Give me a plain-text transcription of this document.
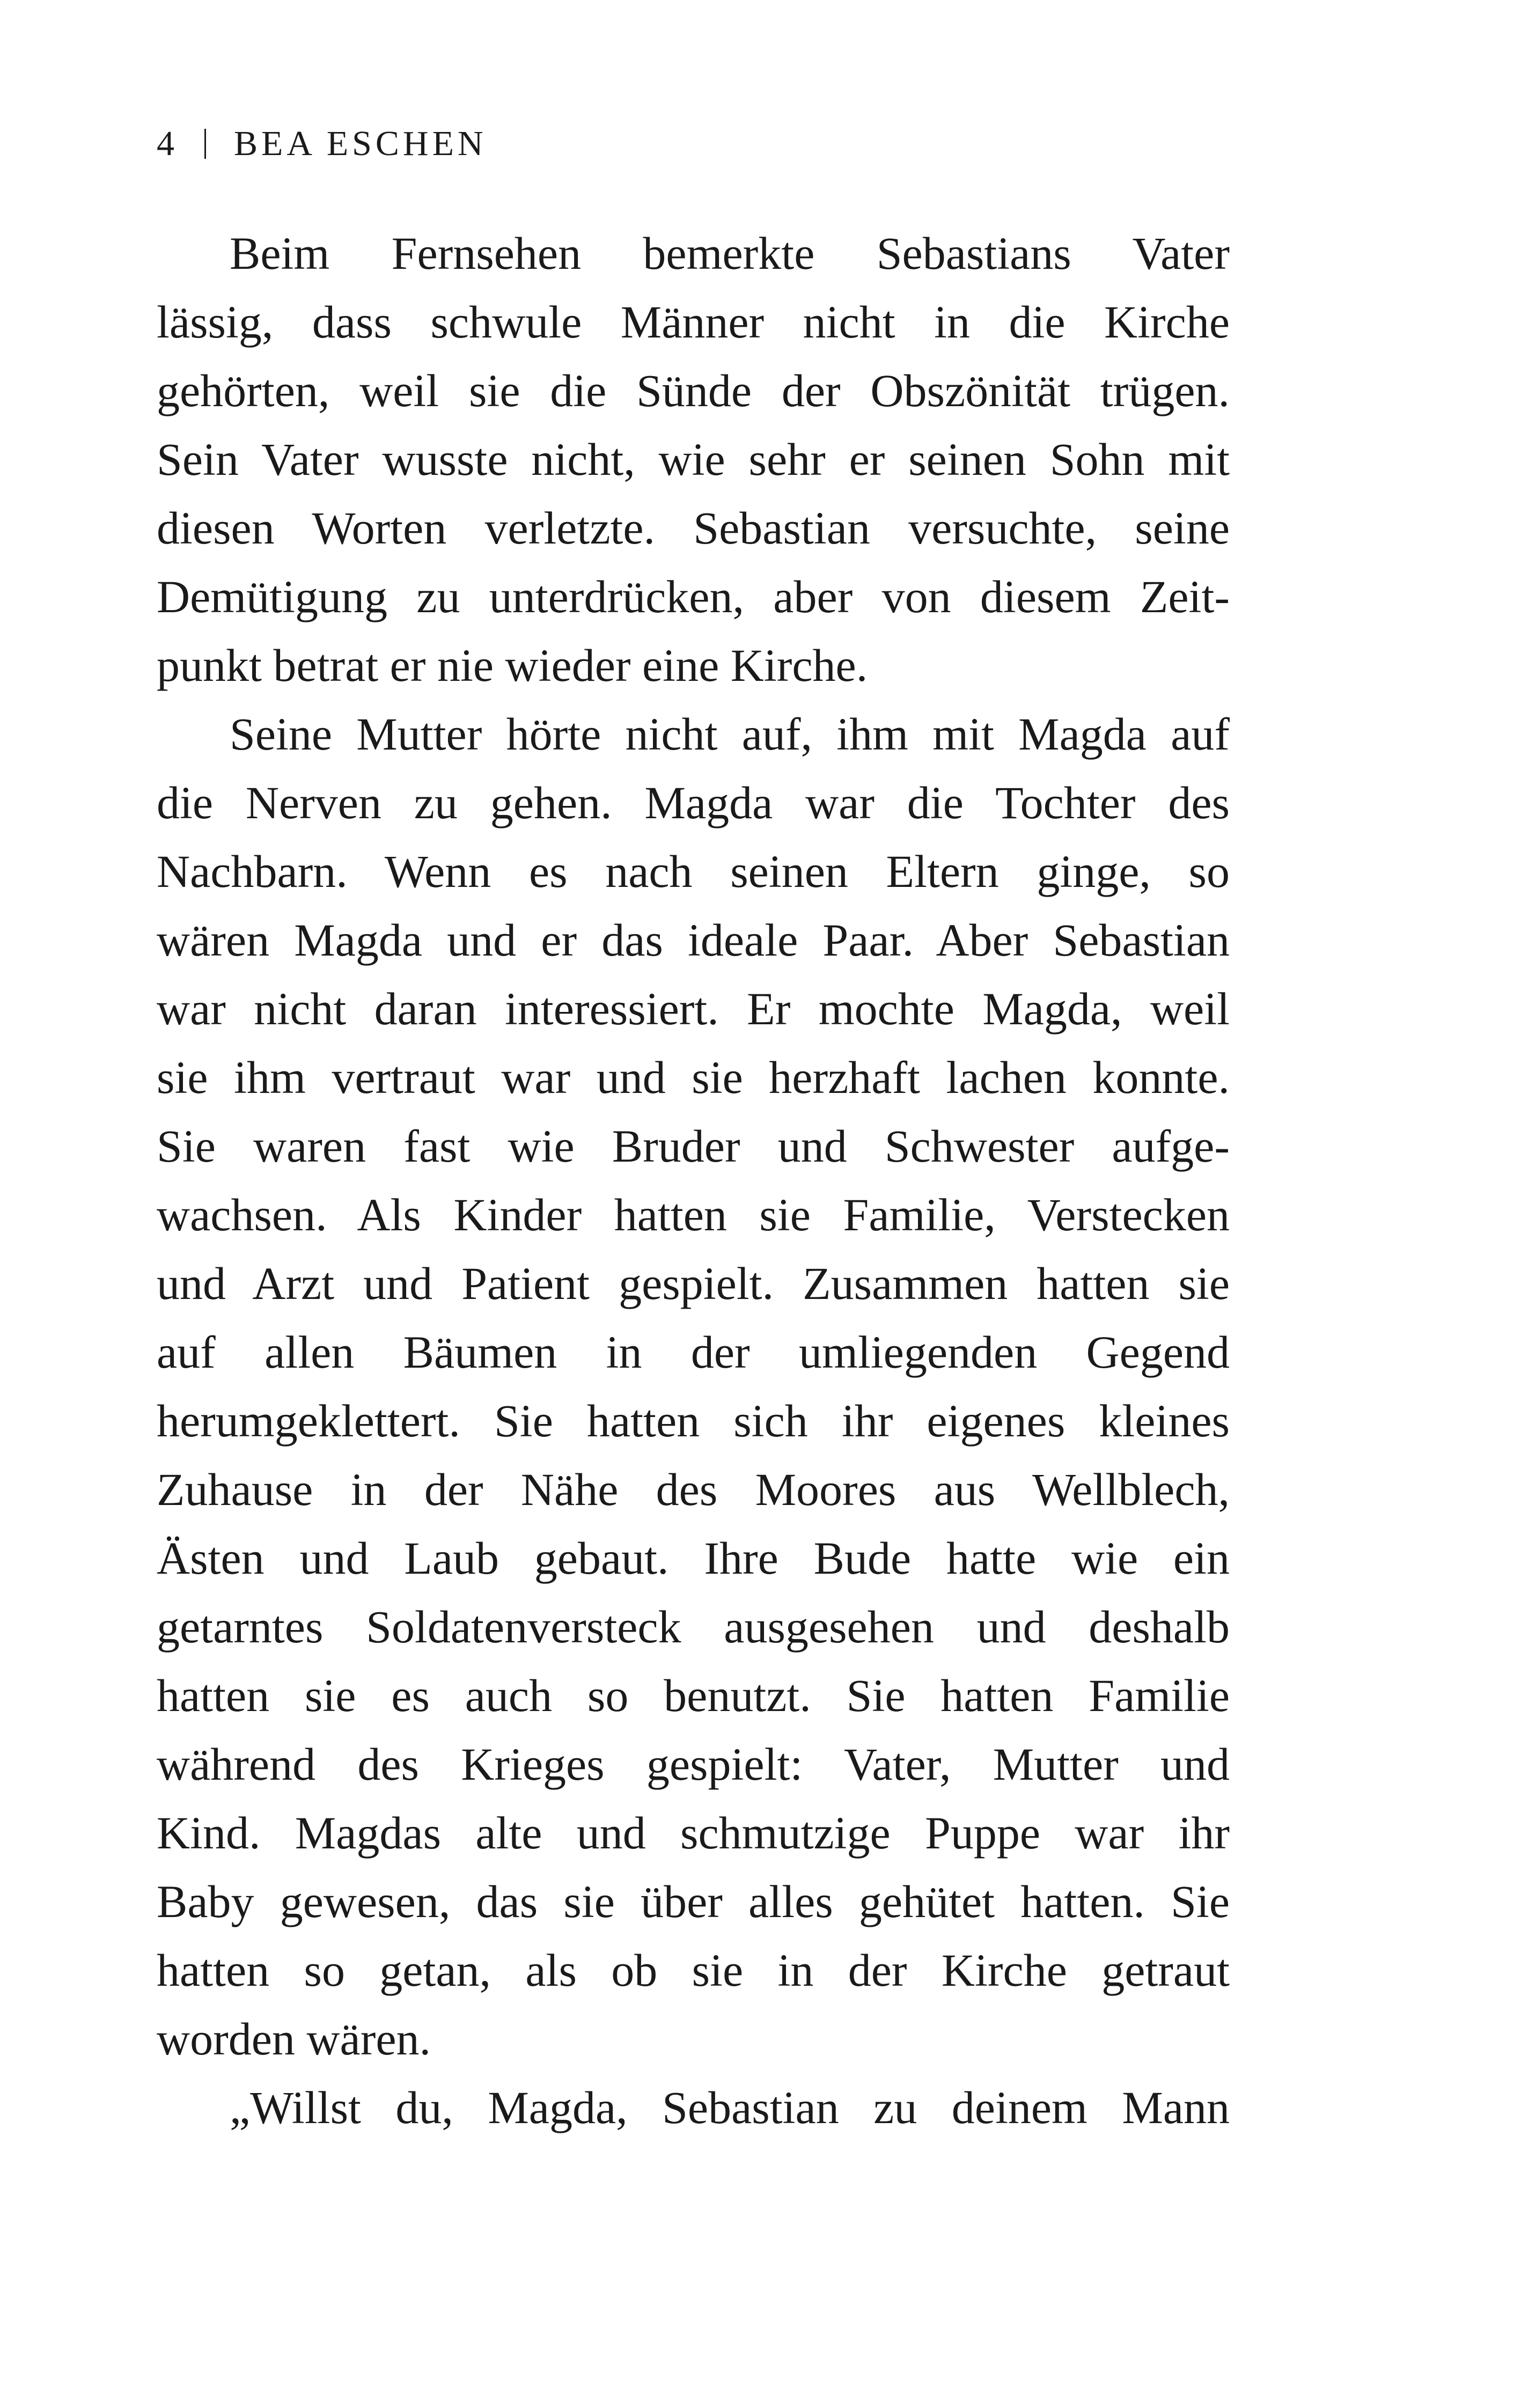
4 BEA ESCHEN
Beim Fernsehen bemerkte Sebastians Vater
lässig, dass schwule Männer nicht in die Kirche
gehörten, weil sie die Sünde der Obszönität trügen.
Sein Vater wusste nicht, wie sehr er seinen Sohn mit
diesen Worten verletzte. Sebastian versuchte, seine
Demütigung zu unterdrücken, aber von diesem Zeit-
punkt betrat er nie wieder eine Kirche.
Seine Mutter hörte nicht auf, ihm mit Magda auf
die Nerven zu gehen. Magda war die Tochter des
Nachbarn. Wenn es nach seinen Eltern ginge, so
wären Magda und er das ideale Paar. Aber Sebastian
war nicht daran interessiert. Er mochte Magda, weil
sie ihm vertraut war und sie herzhaft lachen konnte.
Sie waren fast wie Bruder und Schwester aufge-
wachsen. Als Kinder hatten sie Familie, Verstecken
und Arzt und Patient gespielt. Zusammen hatten sie
auf allen Bäumen in der umliegenden Gegend
herumgeklettert. Sie hatten sich ihr eigenes kleines
Zuhause in der Nähe des Moores aus Wellblech,
Ästen und Laub gebaut. Ihre Bude hatte wie ein
getarntes Soldatenversteck ausgesehen und deshalb
hatten sie es auch so benutzt. Sie hatten Familie
während des Krieges gespielt: Vater, Mutter und
Kind. Magdas alte und schmutzige Puppe war ihr
Baby gewesen, das sie über alles gehütet hatten. Sie
hatten so getan, als ob sie in der Kirche getraut
worden wären.
„Willst du, Magda, Sebastian zu deinem Mann
